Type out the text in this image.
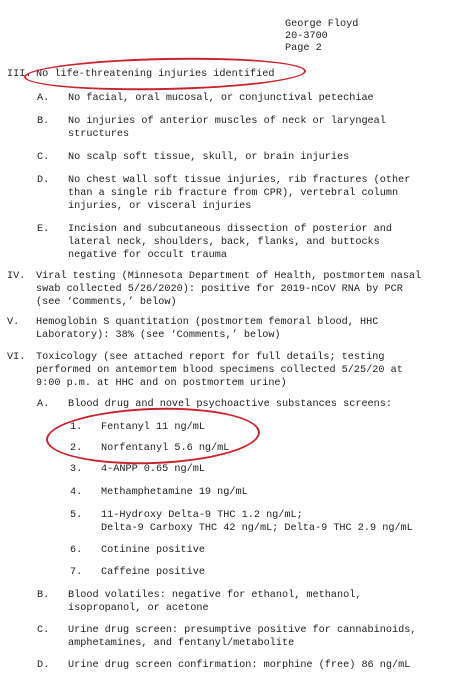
George Floyd
20-3700
Page 2
III. No life-threatening injuries identified
A. No facial, oral mucosal, or conjunctival petechiae
B. No injuries of anterior muscles of neck or laryngeal
structures
C. No scalp soft tissue, skull, or brain injuries
D. No chest wall soft tissue injuries, rib fractures (other
than a single rib fracture from CPR), vertebral column
injuries, or visceral injuries
E. Incision and subcutaneous dissection of posterior and
lateral neck, shoulders, back, flanks, and buttocks
negative for occult trauma
IV. Viral testing (Minnesota Department of Health, postmortem nasal
swab collected 5/26/2020): positive for 2019-nCoV RNA by PCR
(see ‘Comments,’ below)
V. Hemoglobin S quantitation (postmortem femoral blood, HHC
Laboratory): 38% (see ‘Comments,’ below)
VI. Toxicology (see attached report for full details; testing
performed on antemortem blood specimens collected 5/25/20 at
9:00 p.m. at HHC and on postmortem urine)
A. Blood drug and novel psychoactive substances screens:
1. Fentanyl 11 ng/mL
2. Norfentanyl 5.6 ng/mL
3. 4-ANPP 0.65 ng/mL
4. Methamphetamine 19 ng/mL
5. 11-Hydroxy Delta-9 THC 1.2 ng/mL;
Delta-9 Carboxy THC 42 ng/mL; Delta-9 THC 2.9 ng/mL
6. Cotinine positive
7. Caffeine positive
B. Blood volatiles: negative for ethanol, methanol,
isopropanol, or acetone
C. Urine drug screen: presumptive positive for cannabinoids,
amphetamines, and fentanyl/metabolite
D. Urine drug screen confirmation: morphine (free) 86 ng/mL
